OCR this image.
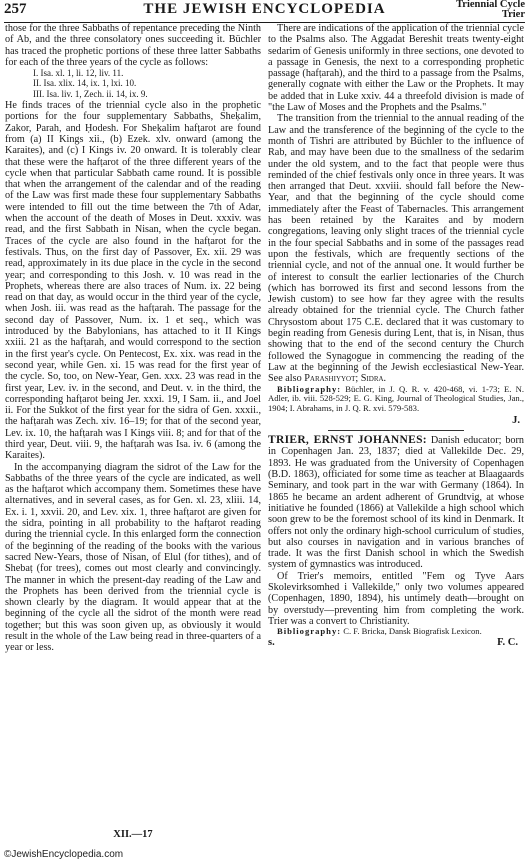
257	THE JEWISH ENCYCLOPEDIA	Triennial Cycle
Trier

those for the three Sabbaths of repentance preceding the Ninth of Ab, and the three consolatory ones succeeding it. Büchler has traced the prophetic portions of these three latter Sabbaths for each of the three years of the cycle as follows:

I. Isa. xl. 1, li. 12, liv. 11.
II. Isa. xlix. 14, ix. 1, lxi. 10.
III. Isa. liv. 1, Zech. ii. 14, ix. 9.

He finds traces of the triennial cycle also in the prophetic portions for the four supplementary Sabbaths, Sheḳalim, Zakor, Parah, and Ḥodesh. For Sheḳalim hafṭarot are found from (a) II Kings xii., (b) Ezek. xlv. onward (among the Karaites), and (c) I Kings iv. 20 onward. It is tolerably clear that these were the hafṭarot of the three different years of the cycle when that particular Sabbath came round. It is possible that when the arrangement of the calendar and of the reading of the Law was first made these four supplementary Sabbaths were intended to fill out the time between the 7th of Adar, when the account of the death of Moses in Deut. xxxiv. was read, and the first Sabbath in Nisan, when the cycle began. Traces of the cycle are also found in the hafṭarot for the festivals. Thus, on the first day of Passover, Ex. xii. 29 was read, approximately in its due place in the cycle in the second year; and corresponding to this Josh. v. 10 was read in the Prophets, whereas there are also traces of Num. ix. 22 being read on that day, as would occur in the third year of the cycle, when Josh. iii. was read as the hafṭarah. The passage for the second day of Passover, Num. ix. 1 et seq., which was introduced by the Babylonians, has attached to it II Kings xxiii. 21 as the hafṭarah, and would correspond to the section in the first year's cycle. On Pentecost, Ex. xix. was read in the second year, while Gen. xi. 15 was read for the first year of the cycle. So, too, on New-Year, Gen. xxx. 23 was read in the first year, Lev. iv. in the second, and Deut. v. in the third, the corresponding hafṭarot being Jer. xxxi. 19, I Sam. ii., and Joel ii. For the Sukkot of the first year for the sidra of Gen. xxxii., the hafṭarah was Zech. xiv. 16–19; for that of the second year, Lev. ix. 10, the hafṭarah was I Kings viii. 8; and for that of the third year, Deut. viii. 9, the hafṭarah was Isa. iv. 6 (among the Karaites).

In the accompanying diagram the sidrot of the Law for the Sabbaths of the three years of the cycle are indicated, as well as the hafṭarot which accompany them. Sometimes these have alternatives, and in several cases, as for Gen. xl. 23, xliii. 14, Ex. i. 1, xxvii. 20, and Lev. xix. 1, three hafṭarot are given for the sidra, pointing in all probability to the hafṭarot reading during the triennial cycle. In this enlarged form the connection of the beginning of the reading of the books with the various sacred New-Years, those of Nisan, of Elul (for tithes), and of Shebaṭ (for trees), comes out most clearly and convincingly. The manner in which the present-day reading of the Law and the Prophets has been derived from the triennial cycle is shown clearly by the diagram. It would appear that at the beginning of the cycle all the sidrot of the month were read together; but this was soon given up, as obviously it would result in the whole of the Law being read in three-quarters of a year or less.

There are indications of the application of the triennial cycle to the Psalms also. The Aggadat Bereshit treats twenty-eight sedarim of Genesis uniformly in three sections, one devoted to a passage in Genesis, the next to a corresponding prophetic passage (hafṭarah), and the third to a passage from the Psalms, generally cognate with either the Law or the Prophets. It may be added that in Luke xxiv. 44 a threefold division is made of "the Law of Moses and the Prophets and the Psalms."

The transition from the triennial to the annual reading of the Law and the transference of the beginning of the cycle to the month of Tishri are attributed by Büchler to the influence of Rab, and may have been due to the smallness of the sedarim under the old system, and to the fact that people were thus reminded of the chief festivals only once in three years. It was then arranged that Deut. xxviii. should fall before the New-Year, and that the beginning of the cycle should come immediately after the Feast of Tabernacles. This arrangement has been retained by the Karaites and by modern congregations, leaving only slight traces of the triennial cycle in the four special Sabbaths and in some of the passages read upon the festivals, which are frequently sections of the triennial cycle, and not of the annual one. It would further be of interest to consult the earlier lectionaries of the Church (which has borrowed its first and second lessons from the Jewish custom) to see how far they agree with the results already obtained for the triennial cycle. The Church father Chrysostom about 175 C.E. declared that it was customary to begin reading from Genesis during Lent, that is, in Nisan, thus showing that to the end of the second century the Church followed the Synagogue in commencing the reading of the Law at the beginning of the Jewish ecclesiastical New-Year. See also Parashiyyot; Sidra.

Bibliography: Büchler, in J. Q. R. v. 420-468, vi. 1-73; E. N. Adler, ib. viii. 528-529; E. G. King, Journal of Theological Studies, Jan., 1904; I. Abrahams, in J. Q. R. xvi. 579-583.

J.

TRIER, ERNST JOHANNES: Danish educator; born in Copenhagen Jan. 23, 1837; died at Vallekilde Dec. 29, 1893. He was graduated from the University of Copenhagen (B.D. 1863), officiated for some time as teacher at Blaagaards Seminary, and took part in the war with Germany (1864). In 1865 he became an ardent adherent of Grundtvig, at whose initiative he founded (1866) at Vallekilde a high school which soon grew to be the foremost school of its kind in Denmark. It offers not only the ordinary high-school curriculum of studies, but also courses in navigation and in various branches of trade. It was the first Danish school in which the Swedish system of gymnastics was introduced.

Of Trier's memoirs, entitled "Fem og Tyve Aars Skolevirksomhed i Vallekilde," only two volumes appeared (Copenhagen, 1890, 1894), his untimely death—brought on by overstudy—preventing him from completing the work. Trier was a convert to Christianity.

Bibliography: C. F. Bricka, Dansk Biografisk Lexicon.

s.	F. C.
XII.—17
©JewishEncyclopedia.com
